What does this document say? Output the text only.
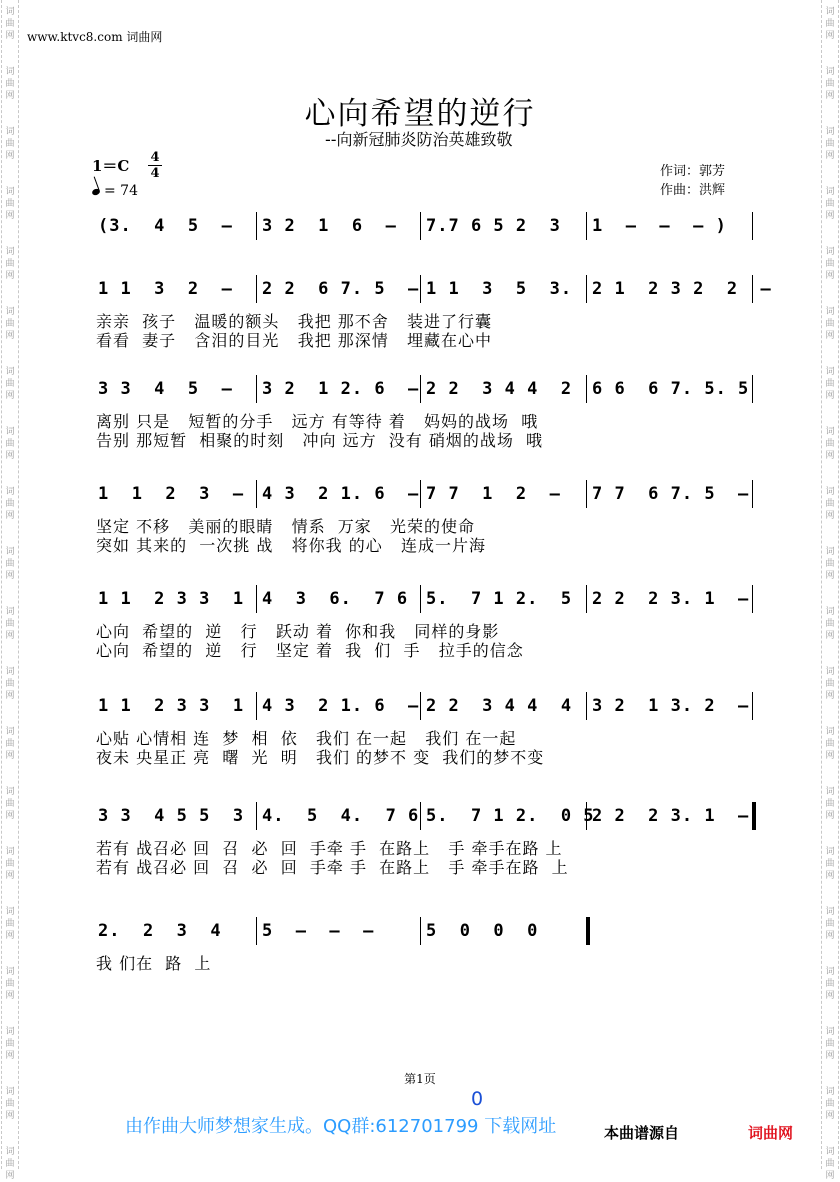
词
曲
网
词
曲
网
词
曲
网
词
曲
网
词
曲
网
词
曲
网
词
曲
网
词
曲
网
词
曲
网
词
曲
网
词
曲
网
词
曲
网
词
曲
网
词
曲
网
词
曲
网
词
曲
网
词
曲
网
词
曲
网
词
曲
网
词
曲
网
词
曲
网
词
曲
网
词
曲
网
词
曲
网
词
曲
网
词
曲
网
词
曲
网
词
曲
网
词
曲
网
词
曲
网
词
曲
网
词
曲
网
词
曲
网
词
曲
网
词
曲
网
词
曲
网
词
曲
网
词
曲
网
词
曲
网
词
曲
网
www.ktvc8.com 词曲网
心向希望的逆行
--向新冠肺炎防治英雄致敬
1＝C 4
4
= 74
作词：郭芳
作曲：洪辉
(3.  4  5  – 3 2  1  6  – 7.7 6 5 2  3 1  –  –  – )
1 1  3  2  – 2 2  6 7. 5  – 1 1  3  5  3. 2 1  2 3 2  2  –
亲亲  孩子   温暖的额头   我把 那不舍   装进了行囊
看看  妻子   含泪的目光   我把 那深情   埋藏在心中
3 3  4  5  – 3 2  1 2. 6  – 2 2  3 4 4  2 6 6  6 7. 5. 5
离别 只是   短暂的分手   远方 有等待 着   妈妈的战场  哦
告别 那短暂  相聚的时刻   冲向 远方  没有 硝烟的战场  哦
1  1  2  3  – 4 3  2 1. 6  – 7 7  1  2  – 7 7  6 7. 5  –
坚定 不移   美丽的眼睛   情系  万家   光荣的使命
突如 其来的  一次挑 战   将你我 的心   连成一片海
1 1  2 3 3  1 4  3  6.  7 6 5.  7 1 2.  5 2 2  2 3. 1  –
心向  希望的  逆   行   跃动 着  你和我   同样的身影
心向  希望的  逆   行   坚定 着  我  们  手   拉手的信念
1 1  2 3 3  1 4 3  2 1. 6  – 2 2  3 4 4  4 3 2  1 3. 2  –
心贴 心情相 连  梦  相  依   我们 在一起   我们 在一起
夜未 央星正 亮  曙  光  明   我们 的梦不 变  我们的梦不变
3 3  4 5 5  3 4.  5  4.  7 6 5.  7 1 2.  0 5
2 2  2 3. 1  –:
若有 战召必 回  召  必  回  手牵 手  在路上   手 牵手在路 上
若有 战召必 回  召  必  回  手牵 手  在路上   手 牵手在路  上
2.  2  3  4 5  –  –  –	5  0  0  0
我 们在  路  上
第1页
0
由作曲大师梦想家生成。QQ群:612701799 下载网址	本曲谱源自	词曲网
